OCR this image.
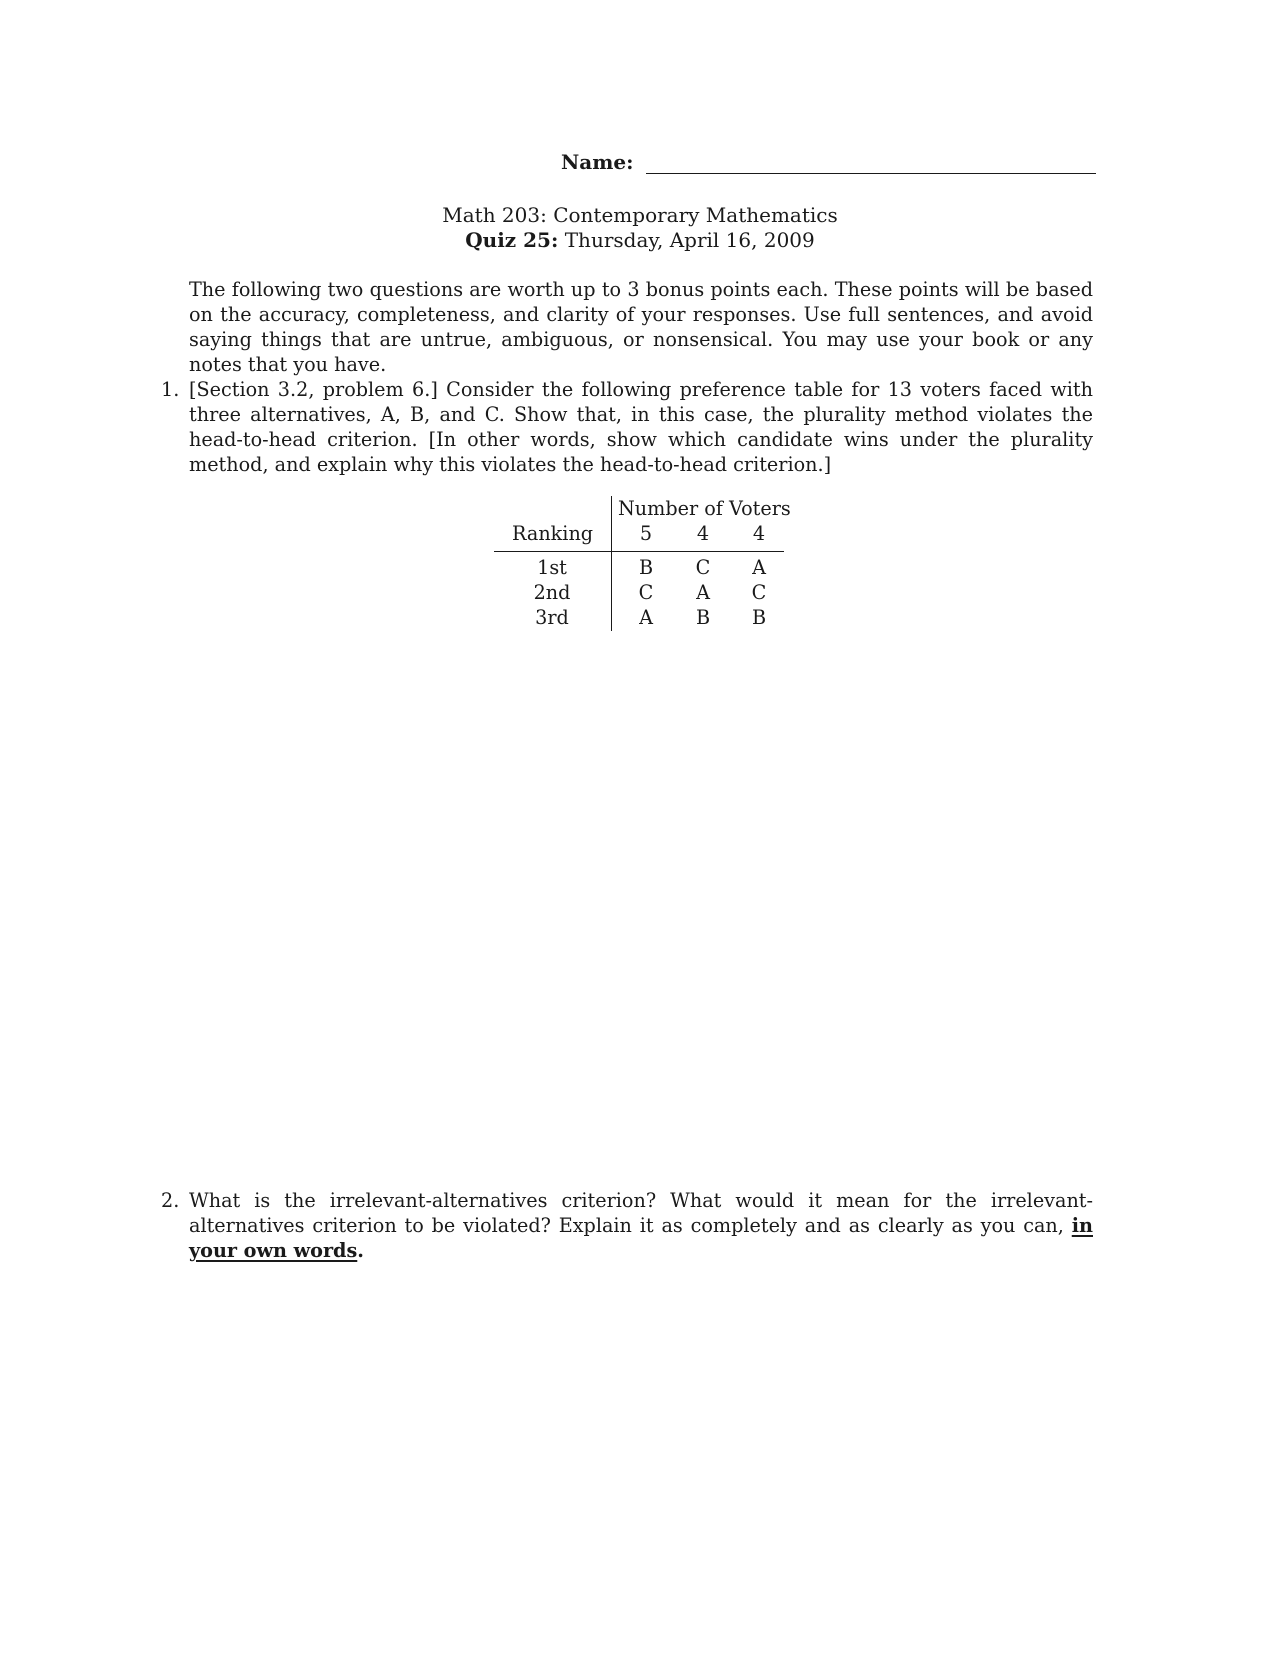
Name:
Math 203: Contemporary Mathematics
Quiz 25: Thursday, April 16, 2009
The following two questions are worth up to 3 bonus points each. These points will be based on the accuracy, completeness, and clarity of your responses. Use full sentences, and avoid saying things that are untrue, ambiguous, or nonsensical. You may use your book or any notes that you have.
1. [Section 3.2, problem 6.] Consider the following preference table for 13 voters faced with three alternatives, A, B, and C. Show that, in this case, the plurality method violates the head-to-head criterion. [In other words, show which candidate wins under the plurality method, and explain why this violates the head-to-head criterion.]
Number of Voters
Ranking 5 4 4
1st	B C A
2nd	C A C
3rd	A B B
2. What is the irrelevant-alternatives criterion? What would it mean for the irrelevant-alternatives criterion to be violated? Explain it as completely and as clearly as you can, in your own words.
